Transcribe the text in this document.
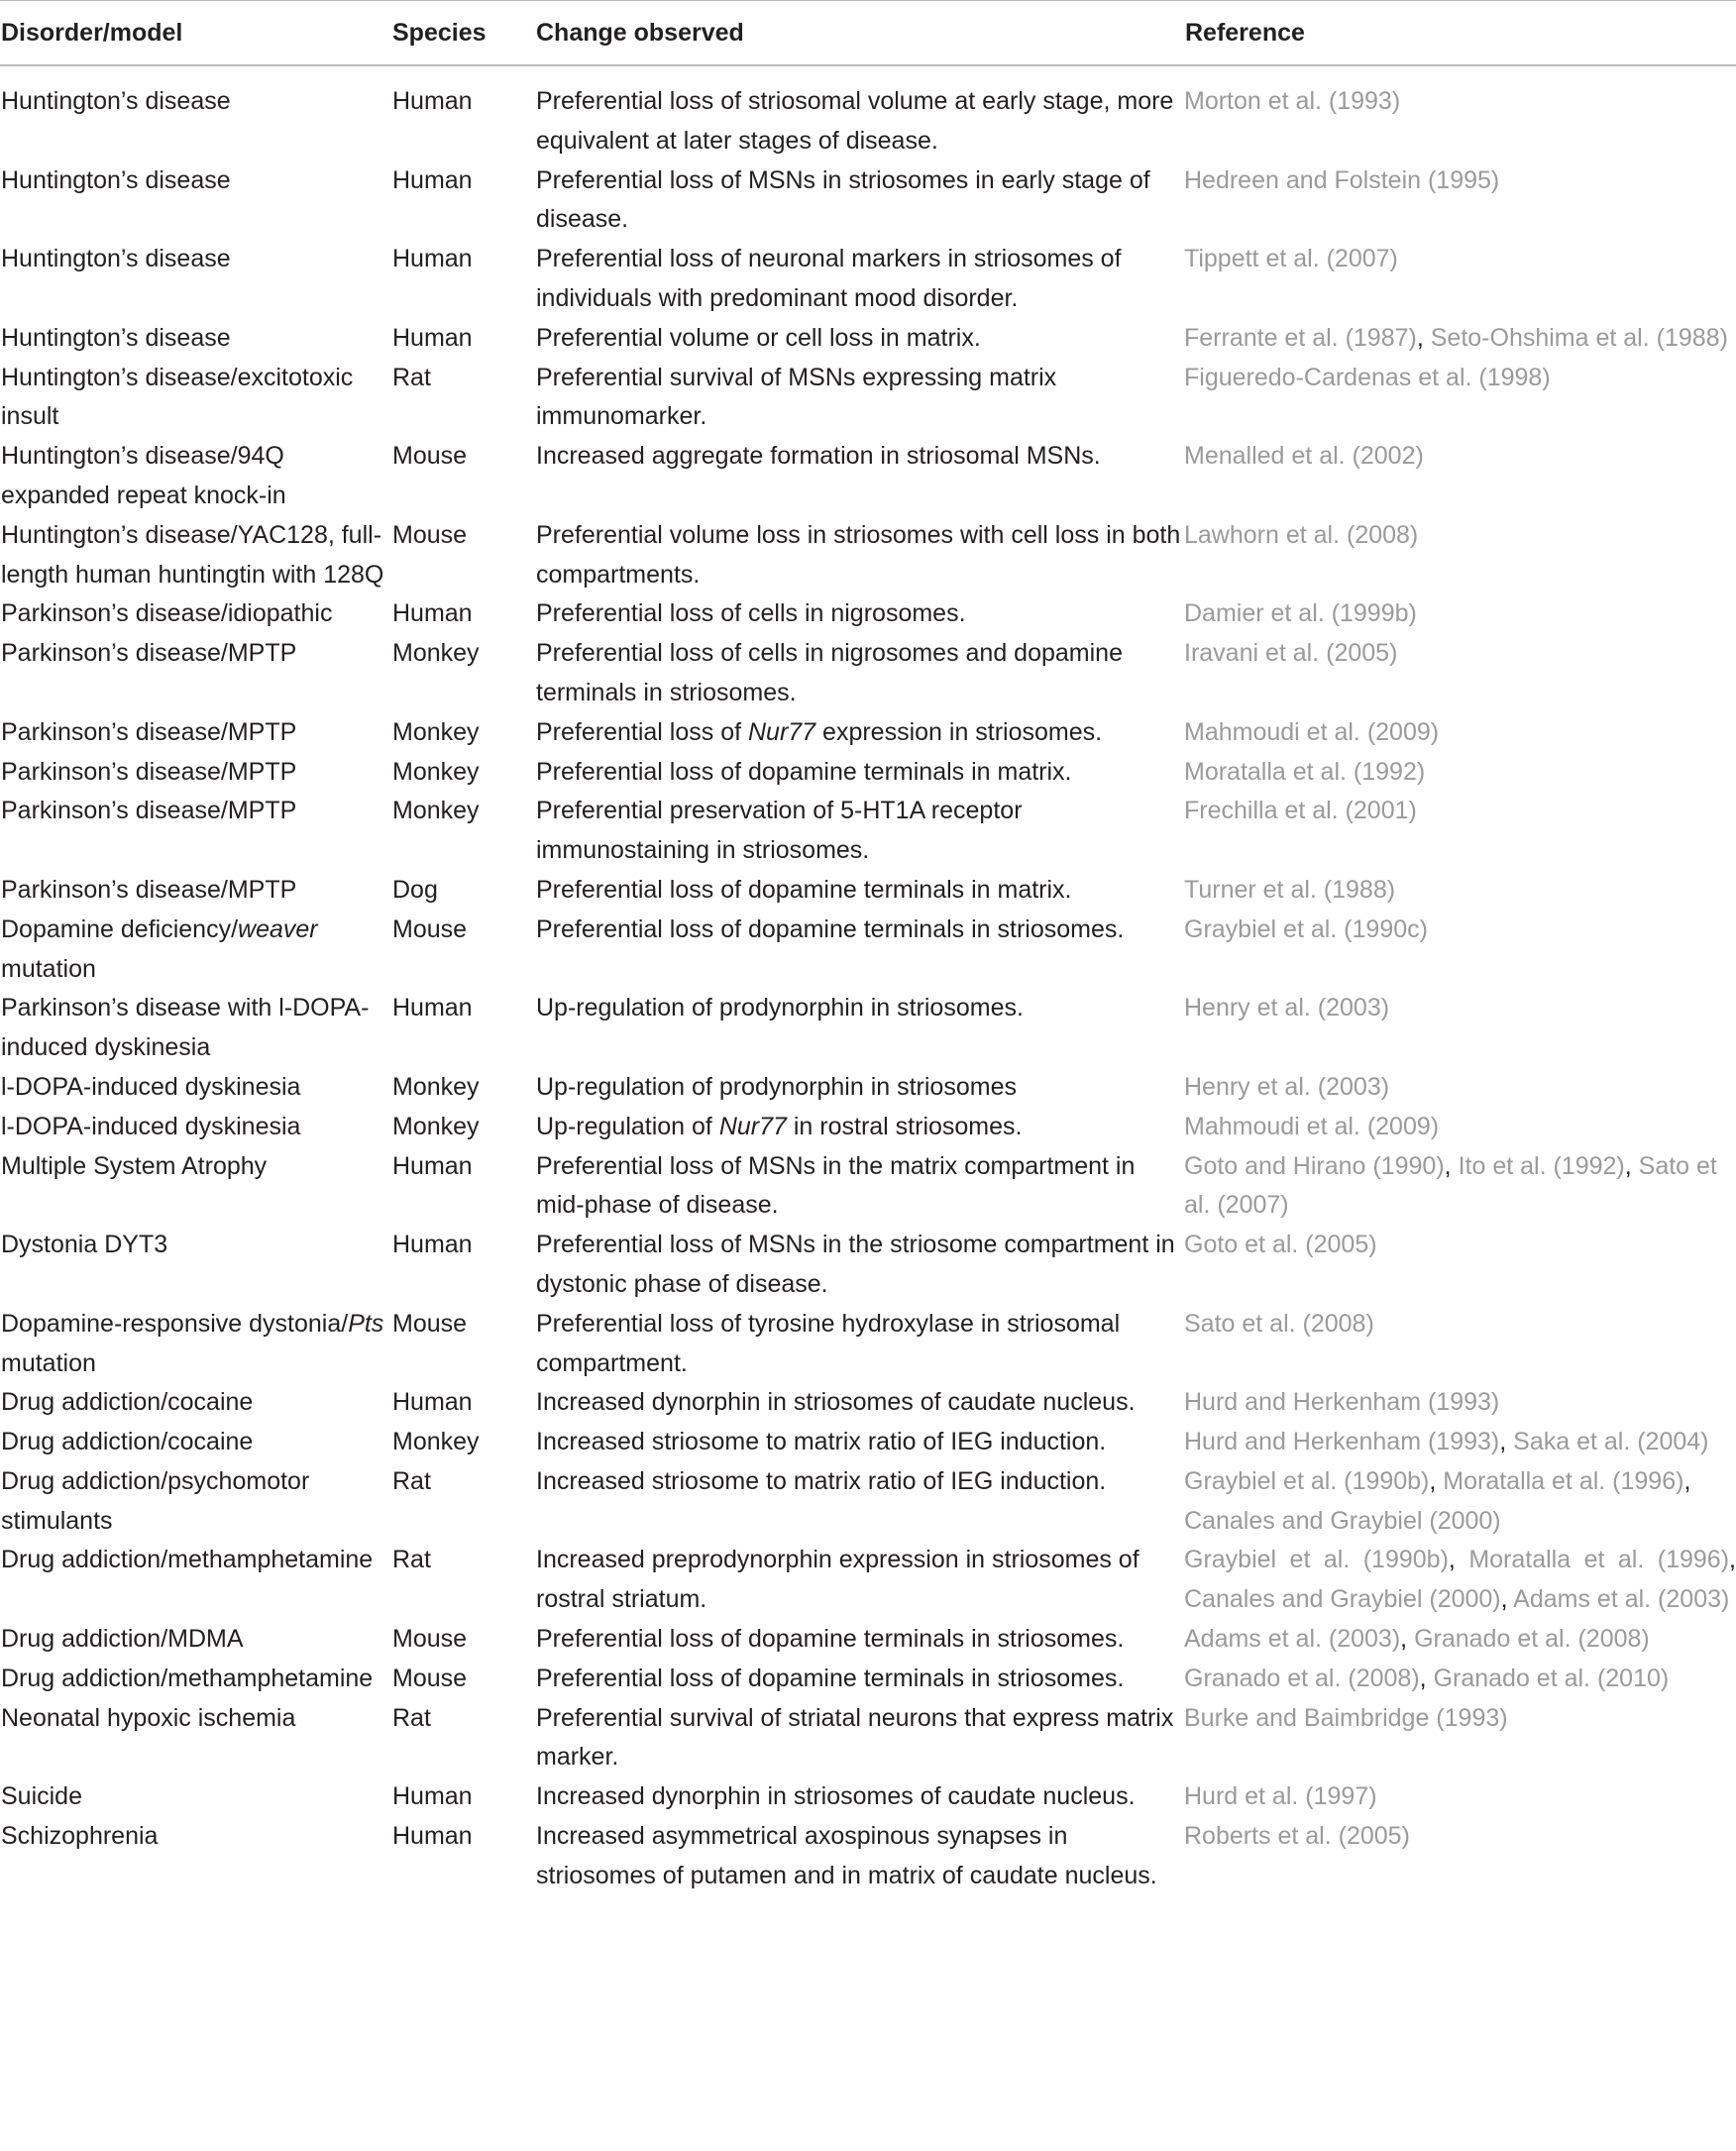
Disorder/model	Species	Change observed	Reference
Huntington’s disease	Human	Preferential loss of striosomal volume at early stage, more equivalent at later stages of disease.	Morton et al. (1993)
Huntington’s disease	Human	Preferential loss of MSNs in striosomes in early stage of disease.	Hedreen and Folstein (1995)
Huntington’s disease	Human	Preferential loss of neuronal markers in striosomes of individuals with predominant mood disorder.	Tippett et al. (2007)
Huntington’s disease	Human	Preferential volume or cell loss in matrix.	Ferrante et al. (1987), Seto-Ohshima et al. (1988)
Huntington’s disease/excitotoxic insult	Rat	Preferential survival of MSNs expressing matrix immunomarker.	Figueredo-Cardenas et al. (1998)
Huntington’s disease/94Q expanded repeat knock-in	Mouse	Increased aggregate formation in striosomal MSNs.	Menalled et al. (2002)
Huntington’s disease/YAC128, full-length human huntingtin with 128Q	Mouse	Preferential volume loss in striosomes with cell loss in both compartments.	Lawhorn et al. (2008)
Parkinson’s disease/idiopathic	Human	Preferential loss of cells in nigrosomes.	Damier et al. (1999b)
Parkinson’s disease/MPTP	Monkey	Preferential loss of cells in nigrosomes and dopamine terminals in striosomes.	Iravani et al. (2005)
Parkinson’s disease/MPTP	Monkey	Preferential loss of Nur77 expression in striosomes.	Mahmoudi et al. (2009)
Parkinson’s disease/MPTP	Monkey	Preferential loss of dopamine terminals in matrix.	Moratalla et al. (1992)
Parkinson’s disease/MPTP	Monkey	Preferential preservation of 5-HT1A receptor immunostaining in striosomes.	Frechilla et al. (2001)
Parkinson’s disease/MPTP	Dog	Preferential loss of dopamine terminals in matrix.	Turner et al. (1988)
Dopamine deficiency/weaver mutation	Mouse	Preferential loss of dopamine terminals in striosomes.	Graybiel et al. (1990c)
Parkinson’s disease with l-DOPA-induced dyskinesia	Human	Up-regulation of prodynorphin in striosomes.	Henry et al. (2003)
l-DOPA-induced dyskinesia	Monkey	Up-regulation of prodynorphin in striosomes	Henry et al. (2003)
l-DOPA-induced dyskinesia	Monkey	Up-regulation of Nur77 in rostral striosomes.	Mahmoudi et al. (2009)
Multiple System Atrophy	Human	Preferential loss of MSNs in the matrix compartment in mid-phase of disease.	Goto and Hirano (1990), Ito et al. (1992), Sato et al. (2007)
Dystonia DYT3	Human	Preferential loss of MSNs in the striosome compartment in dystonic phase of disease.	Goto et al. (2005)
Dopamine-responsive dystonia/Pts mutation	Mouse	Preferential loss of tyrosine hydroxylase in striosomal compartment.	Sato et al. (2008)
Drug addiction/cocaine	Human	Increased dynorphin in striosomes of caudate nucleus.	Hurd and Herkenham (1993)
Drug addiction/cocaine	Monkey	Increased striosome to matrix ratio of IEG induction.	Hurd and Herkenham (1993), Saka et al. (2004)
Drug addiction/psychomotor stimulants	Rat	Increased striosome to matrix ratio of IEG induction.	Graybiel et al. (1990b), Moratalla et al. (1996), Canales and Graybiel (2000)
Drug addiction/methamphetamine	Rat	Increased preprodynorphin expression in striosomes of rostral striatum.	Graybiel et al. (1990b), Moratalla et al. (1996), Canales and Graybiel (2000), Adams et al. (2003)
Drug addiction/MDMA	Mouse	Preferential loss of dopamine terminals in striosomes.	Adams et al. (2003), Granado et al. (2008)
Drug addiction/methamphetamine	Mouse	Preferential loss of dopamine terminals in striosomes.	Granado et al. (2008), Granado et al. (2010)
Neonatal hypoxic ischemia	Rat	Preferential survival of striatal neurons that express matrix marker.	Burke and Baimbridge (1993)
Suicide	Human	Increased dynorphin in striosomes of caudate nucleus.	Hurd et al. (1997)
Schizophrenia	Human	Increased asymmetrical axospinous synapses in striosomes of putamen and in matrix of caudate nucleus.	Roberts et al. (2005)
